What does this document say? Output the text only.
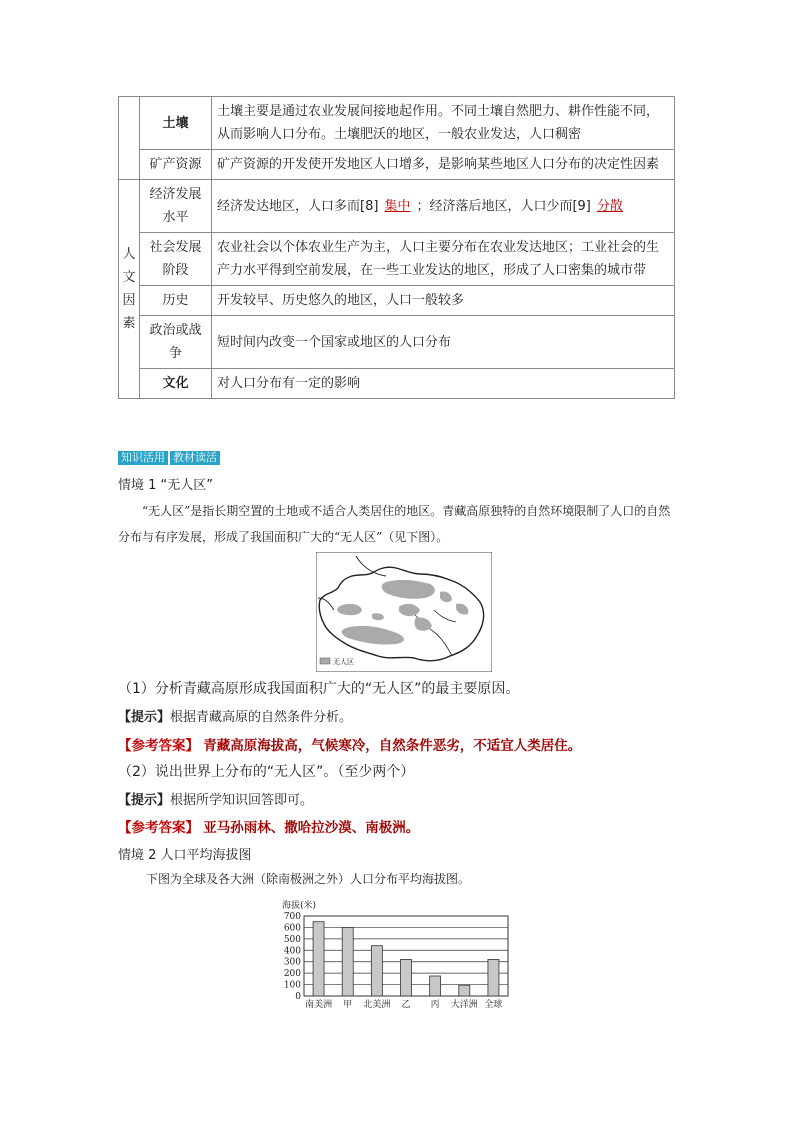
	土壤	土壤主要是通过农业发展间接地起作用。不同土壤自然肥力、耕作性能不同，从而影响人口分布。土壤肥沃的地区，一般农业发达，人口稠密
	矿产资源	矿产资源的开发使开发地区人口增多，是影响某些地区人口分布的决定性因素

人
文
因
素	经济发展水平	经济发达地区，人口多而[8] 集中 ；经济落后地区，人口少而[9] 分散
	社会发展阶段	农业社会以个体农业生产为主，人口主要分布在农业发达地区；工业社会的生产力水平得到空前发展，在一些工业发达的地区，形成了人口密集的城市带
	历史	开发较早、历史悠久的地区，人口一般较多
	政治或战争	短时间内改变一个国家或地区的人口分布
	文化	对人口分布有一定的影响
知识活用 教材读活
情境 1 “无人区”
“无人区”是指长期空置的土地或不适合人类居住的地区。青藏高原独特的自然环境限制了人口的自然分布与有序发展，形成了我国面积广大的“无人区”（见下图）。
无人区
（1）分析青藏高原形成我国面积广大的“无人区”的最主要原因。
【提示】根据青藏高原的自然条件分析。
【参考答案】 青藏高原海拔高，气候寒冷，自然条件恶劣，不适宜人类居住。
（2）说出世界上分布的“无人区”。（至少两个）
【提示】根据所学知识回答即可。
【参考答案】 亚马孙雨林、撒哈拉沙漠、南极洲。
情境 2 人口平均海拔图
下图为全球及各大洲（除南极洲之外）人口分布平均海拔图。
海拔(米)
0
100
200
300
400
500
600
700
南美洲 甲 北美洲 乙 丙 大洋洲 全球
